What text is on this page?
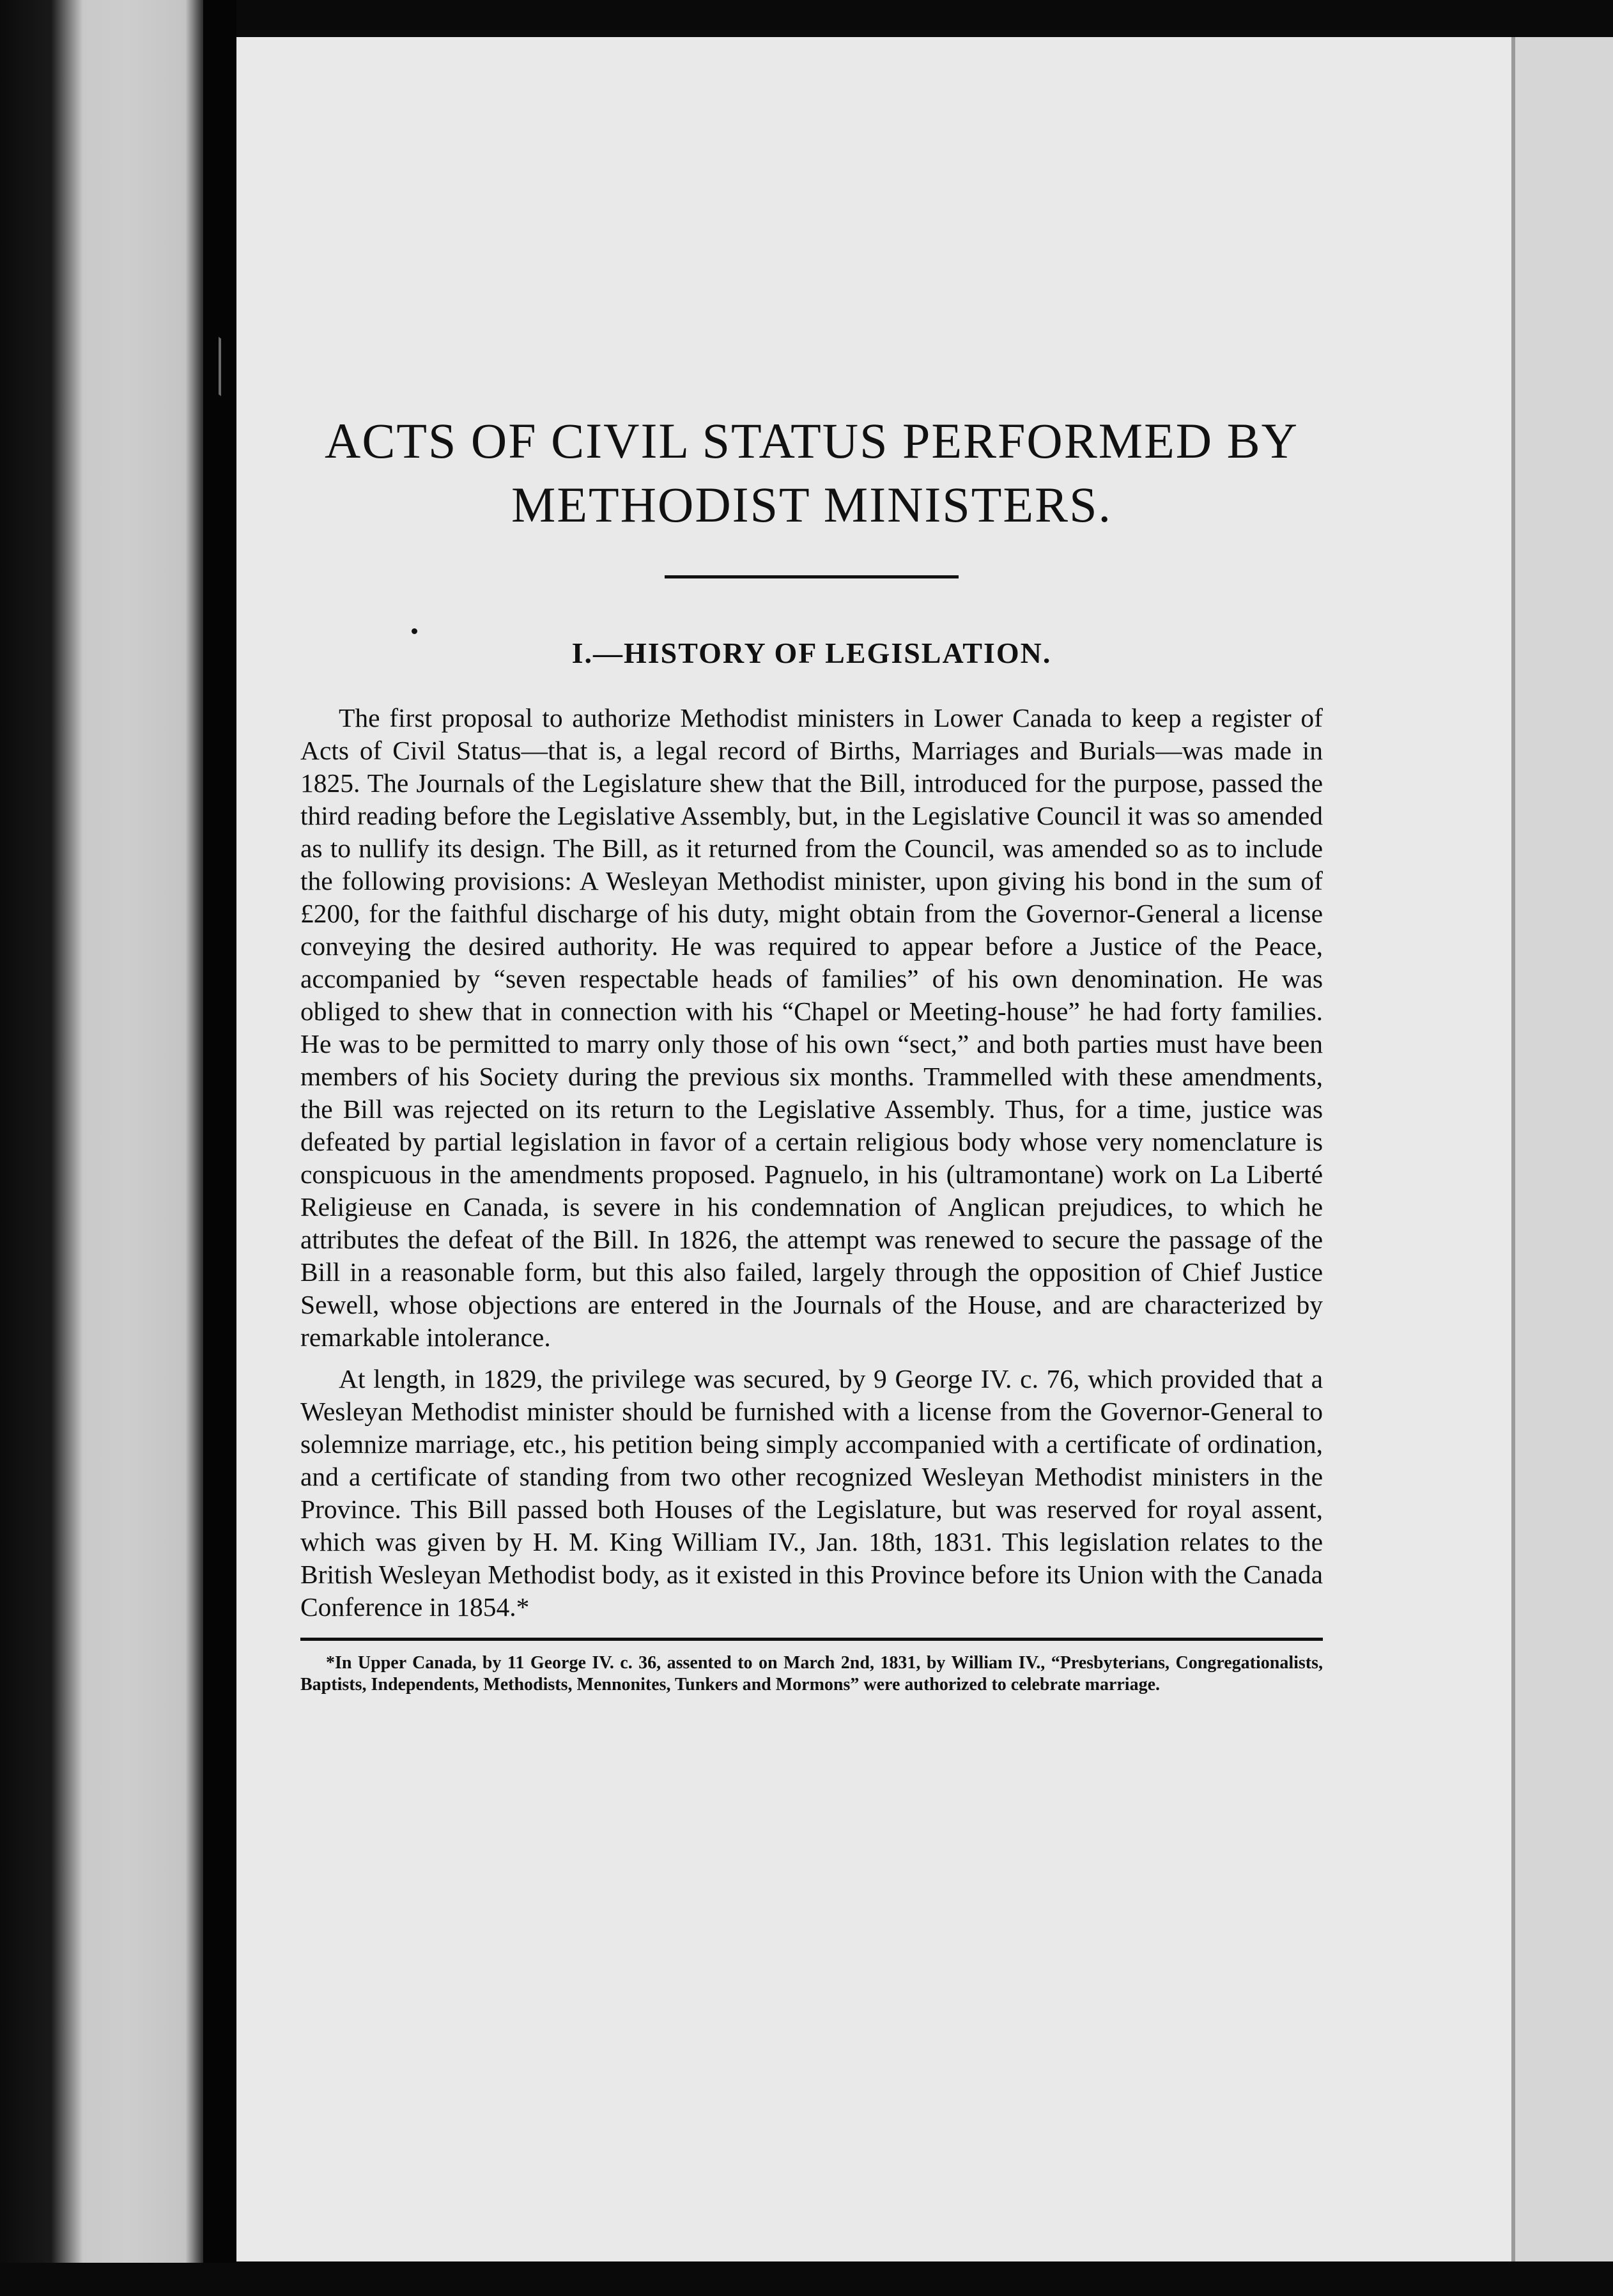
ACTS OF CIVIL STATUS PERFORMED BY METHODIST MINISTERS.
I.—HISTORY OF LEGISLATION.

The first proposal to authorize Methodist ministers in Lower Canada to keep a register of Acts of Civil Status—that is, a legal record of Births, Marriages and Burials—was made in 1825. The Journals of the Legislature shew that the Bill, introduced for the purpose, passed the third reading before the Legislative Assembly, but, in the Legislative Council it was so amended as to nullify its design. The Bill, as it returned from the Council, was amended so as to include the following provisions: A Wesleyan Methodist minister, upon giving his bond in the sum of £200, for the faithful discharge of his duty, might obtain from the Governor-General a license conveying the desired authority. He was required to appear before a Justice of the Peace, accompanied by “seven respectable heads of families” of his own denomination. He was obliged to shew that in connection with his “Chapel or Meeting-house” he had forty families. He was to be permitted to marry only those of his own “sect,” and both parties must have been members of his Society during the previous six months. Trammelled with these amendments, the Bill was rejected on its return to the Legislative Assembly. Thus, for a time, justice was defeated by partial legislation in favor of a certain religious body whose very nomenclature is conspicuous in the amendments proposed. Pagnuelo, in his (ultramontane) work on La Liberté Religieuse en Canada, is severe in his condemnation of Anglican prejudices, to which he attributes the defeat of the Bill. In 1826, the attempt was renewed to secure the passage of the Bill in a reasonable form, but this also failed, largely through the opposition of Chief Justice Sewell, whose objections are entered in the Journals of the House, and are characterized by remarkable intolerance.

At length, in 1829, the privilege was secured, by 9 George IV. c. 76, which provided that a Wesleyan Methodist minister should be furnished with a license from the Governor-General to solemnize marriage, etc., his petition being simply accompanied with a certificate of ordination, and a certificate of standing from two other recognized Wesleyan Methodist ministers in the Province. This Bill passed both Houses of the Legislature, but was reserved for royal assent, which was given by H. M. King William IV., Jan. 18th, 1831. This legislation relates to the British Wesleyan Methodist body, as it existed in this Province before its Union with the Canada Conference in 1854.*

*In Upper Canada, by 11 George IV. c. 36, assented to on March 2nd, 1831, by William IV., “Presbyterians, Congregationalists, Baptists, Independents, Methodists, Mennonites, Tunkers and Mormons” were authorized to celebrate marriage.
